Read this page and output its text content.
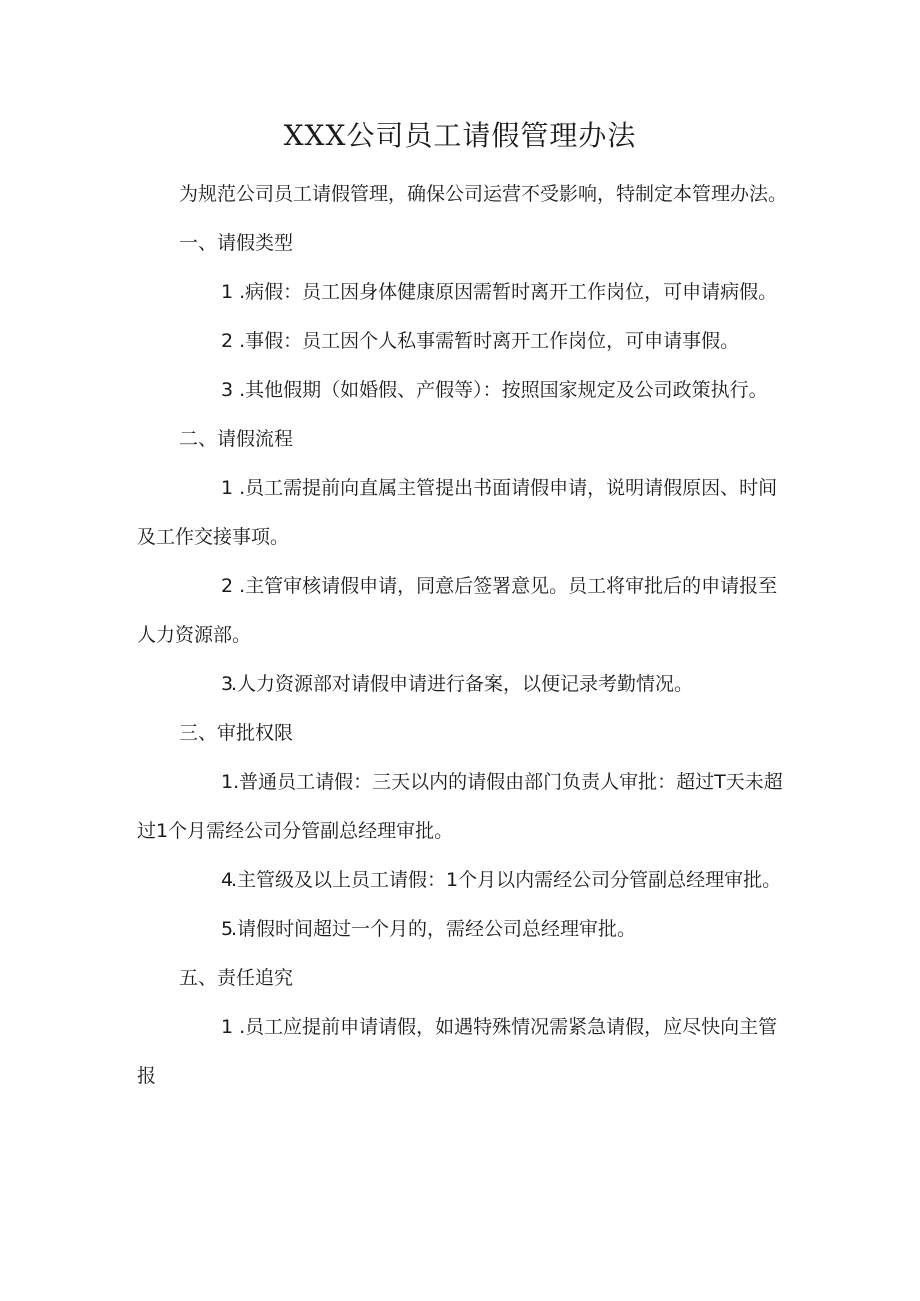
XXX公司员工请假管理办法

为规范公司员工请假管理，确保公司运营不受影响，特制定本管理办法。

一、请假类型

1 .病假：员工因身体健康原因需暂时离开工作岗位，可申请病假。

2 .事假：员工因个人私事需暂时离开工作岗位，可申请事假。

3 .其他假期（如婚假、产假等）：按照国家规定及公司政策执行。

二、请假流程

1 .员工需提前向直属主管提出书面请假申请，说明请假原因、时间及工作交接事项。

2 .主管审核请假申请，同意后签署意见。员工将审批后的申请报至人力资源部。

3.人力资源部对请假申请进行备案，以便记录考勤情况。

三、审批权限

1.普通员工请假：三天以内的请假由部门负责人审批：超过T天未超过1个月需经公司分管副总经理审批。

4.主管级及以上员工请假：1个月以内需经公司分管副总经理审批。

5.请假时间超过一个月的，需经公司总经理审批。

五、责任追究

1 .员工应提前申请请假，如遇特殊情况需紧急请假，应尽快向主管报
